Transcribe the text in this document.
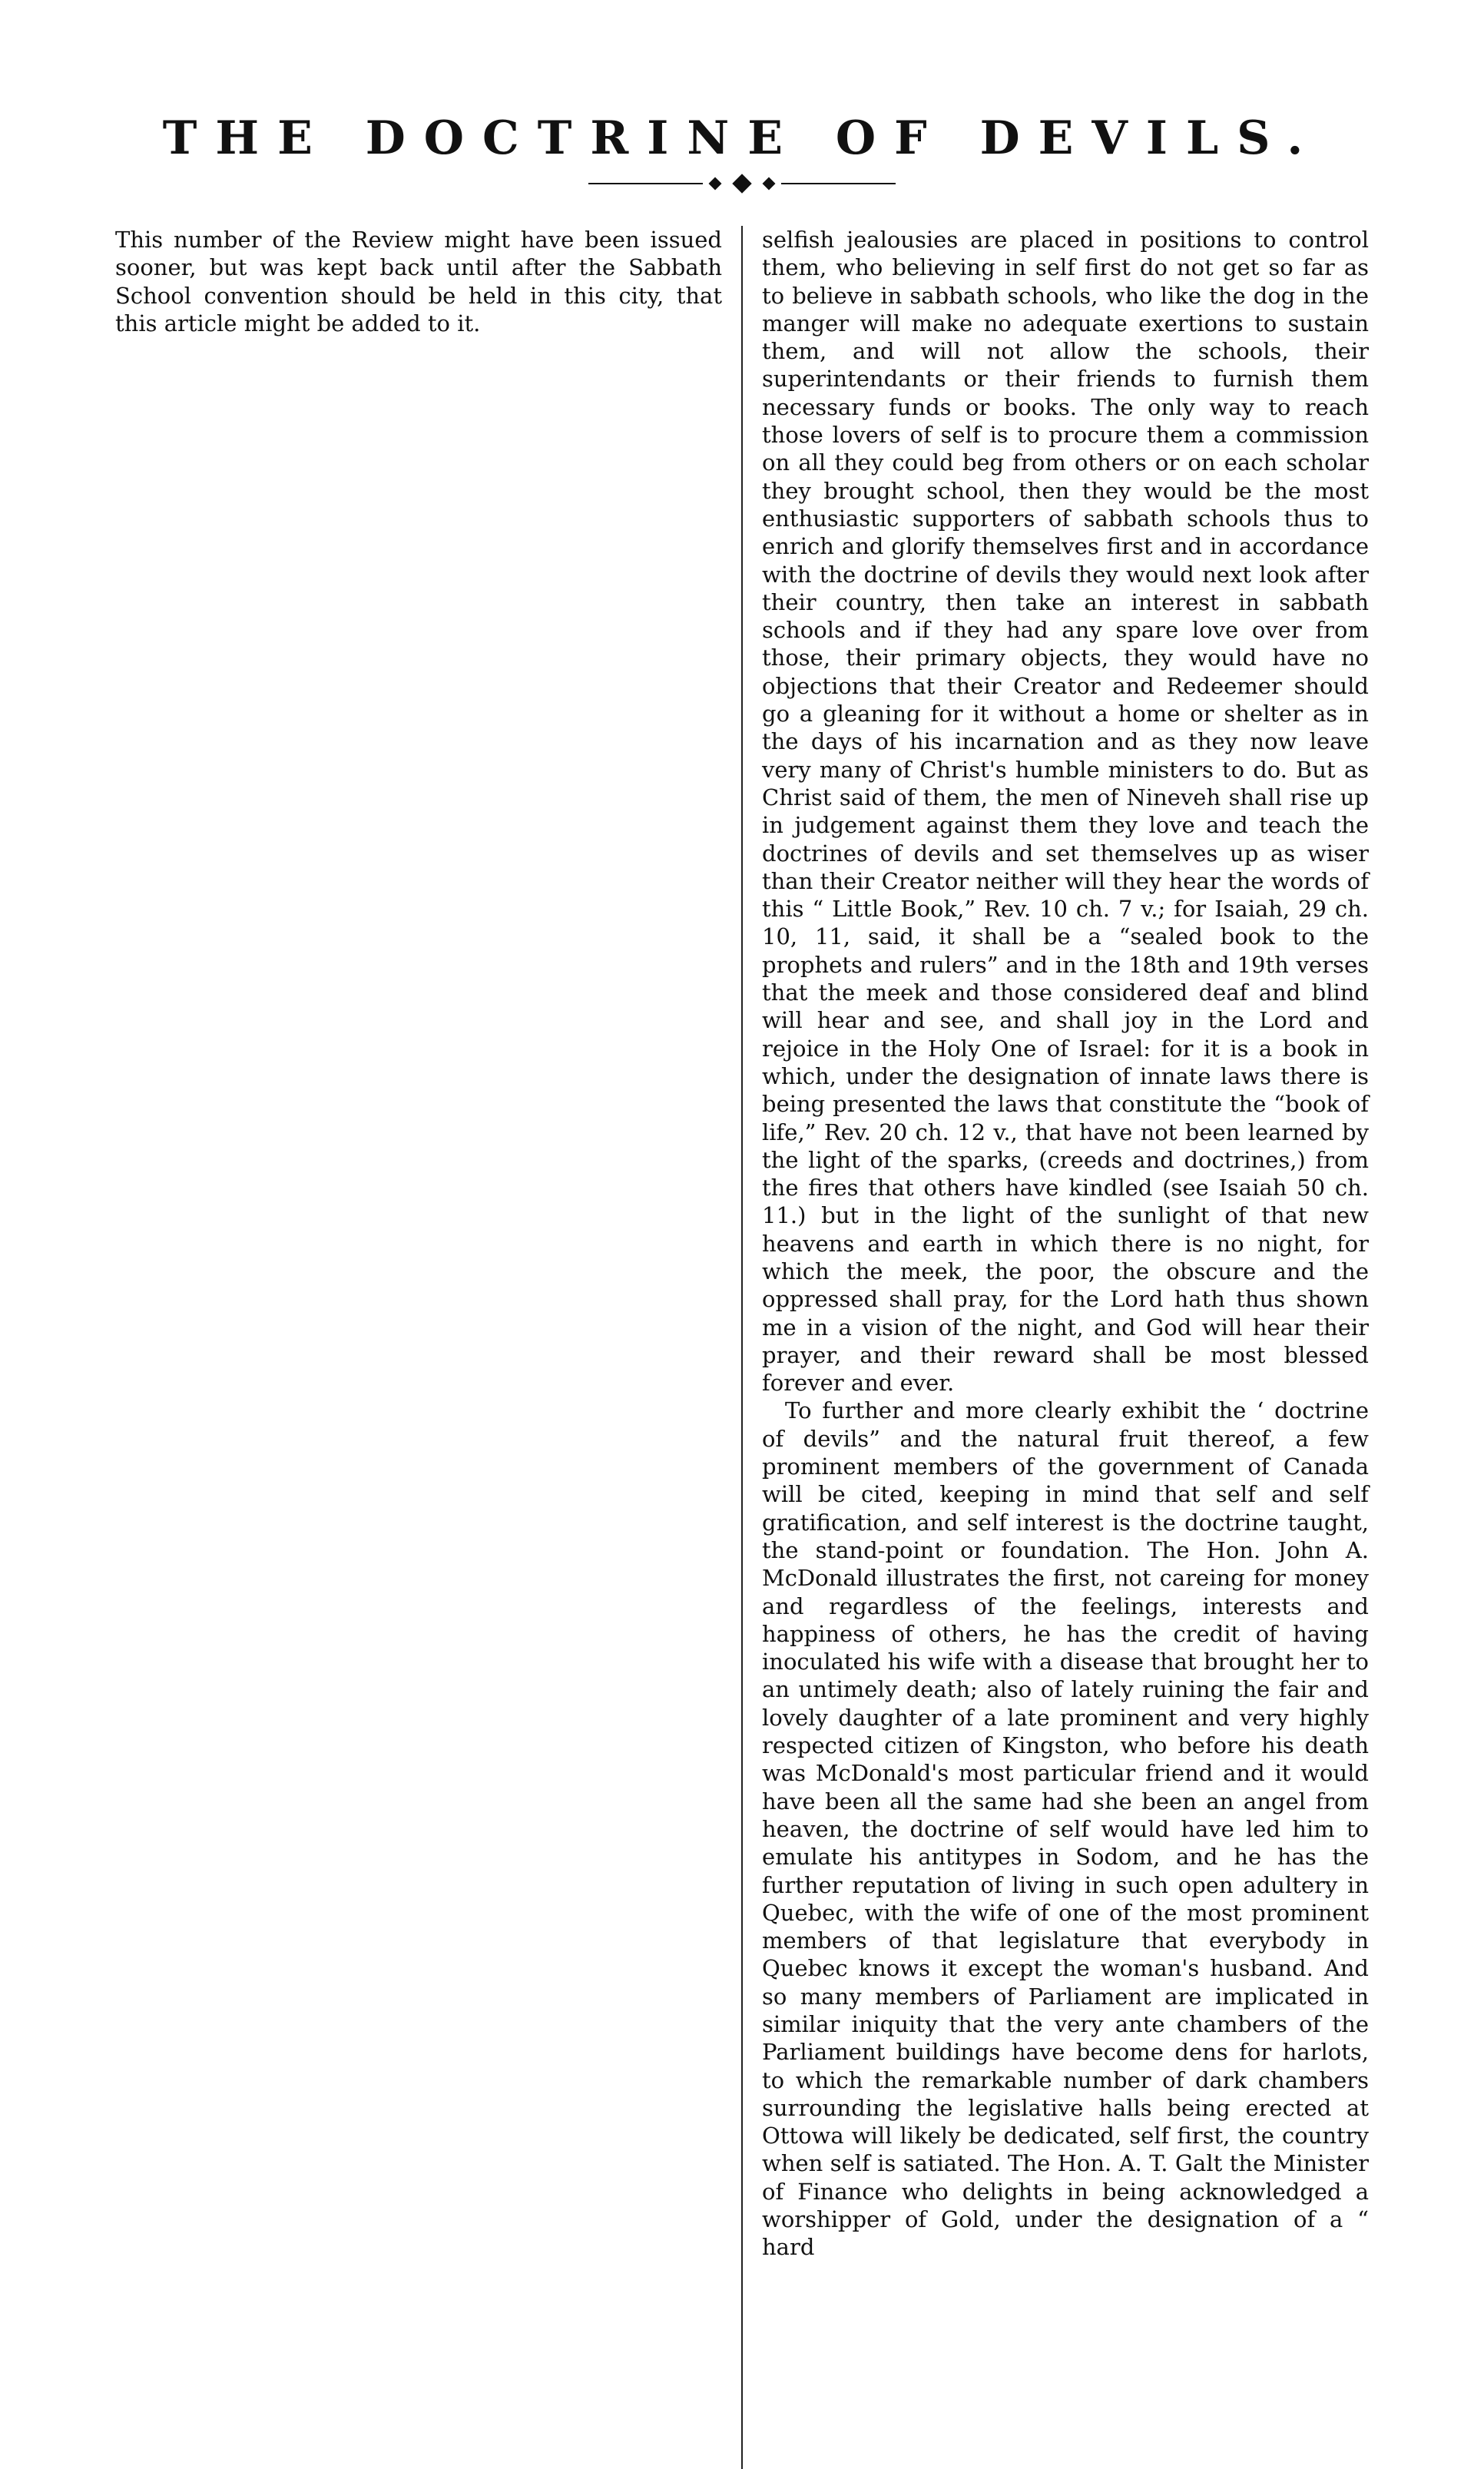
THE DOCTRINE OF DEVILS.

This number of the Review might have been issued sooner, but was kept back until after the Sabbath School convention should be held in this city, that this article might be added to it.

selfish jealousies are placed in positions to control them, who believing in self first do not get so far as to believe in sabbath schools, who like the dog in the manger will make no adequate exertions to sustain them, and will not allow the schools, their superintendants or their friends to furnish them necessary funds or books. The only way to reach those lovers of self is to procure them a commission on all they could beg from others or on each scholar they brought school, then they would be the most enthusiastic supporters of sabbath schools thus to enrich and glorify themselves first and in accordance with the doctrine of devils they would next look after their country, then take an interest in sabbath schools and if they had any spare love over from those, their primary objects, they would have no objections that their Creator and Redeemer should go a gleaning for it without a home or shelter as in the days of his incarnation and as they now leave very many of Christ's humble ministers to do. But as Christ said of them, the men of Nineveh shall rise up in judgement against them they love and teach the doctrines of devils and set themselves up as wiser than their Creator neither will they hear the words of this “ Little Book,” Rev. 10 ch. 7 v.; for Isaiah, 29 ch. 10, 11, said, it shall be a “sealed book to the prophets and rulers” and in the 18th and 19th verses that the meek and those considered deaf and blind will hear and see, and shall joy in the Lord and rejoice in the Holy One of Israel: for it is a book in which, under the designation of innate laws there is being presented the laws that constitute the “book of life,” Rev. 20 ch. 12 v., that have not been learned by the light of the sparks, (creeds and doctrines,) from the fires that others have kindled (see Isaiah 50 ch. 11.) but in the light of the sunlight of that new heavens and earth in which there is no night, for which the meek, the poor, the obscure and the oppressed shall pray, for the Lord hath thus shown me in a vision of the night, and God will hear their prayer, and their reward shall be most blessed forever and ever.

To further and more clearly exhibit the ‘ doctrine of devils” and the natural fruit thereof, a few prominent members of the government of Canada will be cited, keeping in mind that self and self gratification, and self interest is the doctrine taught, the stand-point or foundation. The Hon. John A. McDonald illustrates the first, not careing for money and regardless of the feelings, interests and happiness of others, he has the credit of having inoculated his wife with a disease that brought her to an untimely death; also of lately ruining the fair and lovely daughter of a late prominent and very highly respected citizen of Kingston, who before his death was McDonald's most particular friend and it would have been all the same had she been an angel from heaven, the doctrine of self would have led him to emulate his antitypes in Sodom, and he has the further reputation of living in such open adultery in Quebec, with the wife of one of the most prominent members of that legislature that everybody in Quebec knows it except the woman's husband. And so many members of Parliament are implicated in similar iniquity that the very ante chambers of the Parliament buildings have become dens for harlots, to which the remarkable number of dark chambers surrounding the legislative halls being erected at Ottowa will likely be dedicated, self first, the country when self is satiated. The Hon. A. T. Galt the Minister of Finance who delights in being acknowledged a worshipper of Gold, under the designation of a “ hard
